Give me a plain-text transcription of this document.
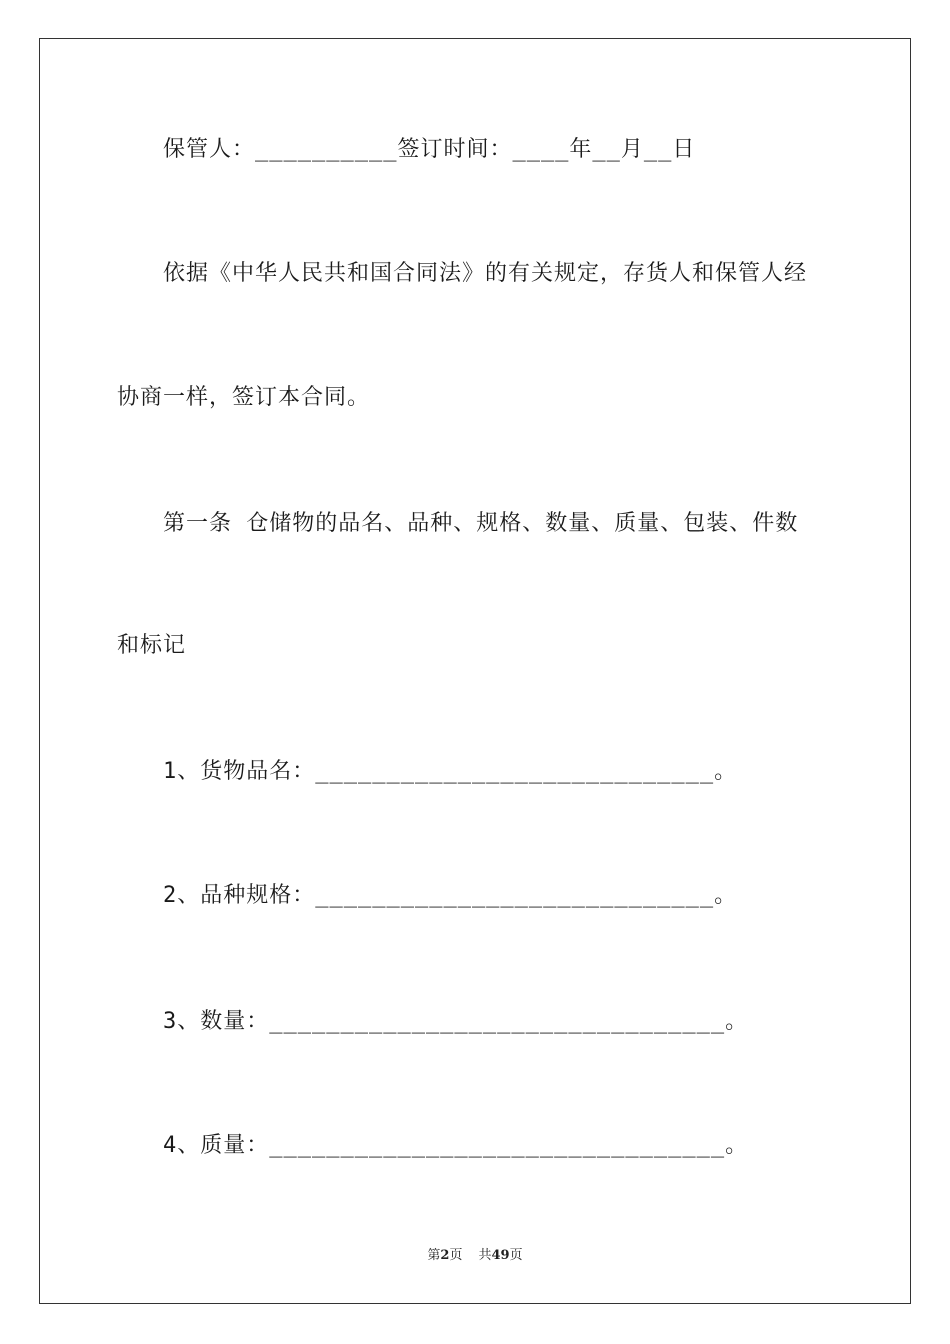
保管人：__________签订时间：____年__月__日
依据《中华人民共和国合同法》的有关规定，存货人和保管人经
协商一样，签订本合同。
第一条 仓储物的品名、品种、规格、数量、质量、包装、件数
和标记
1、货物品名：____________________________。
2、品种规格：____________________________。
3、数量：________________________________。
4、质量：________________________________。
第2页 共49页
